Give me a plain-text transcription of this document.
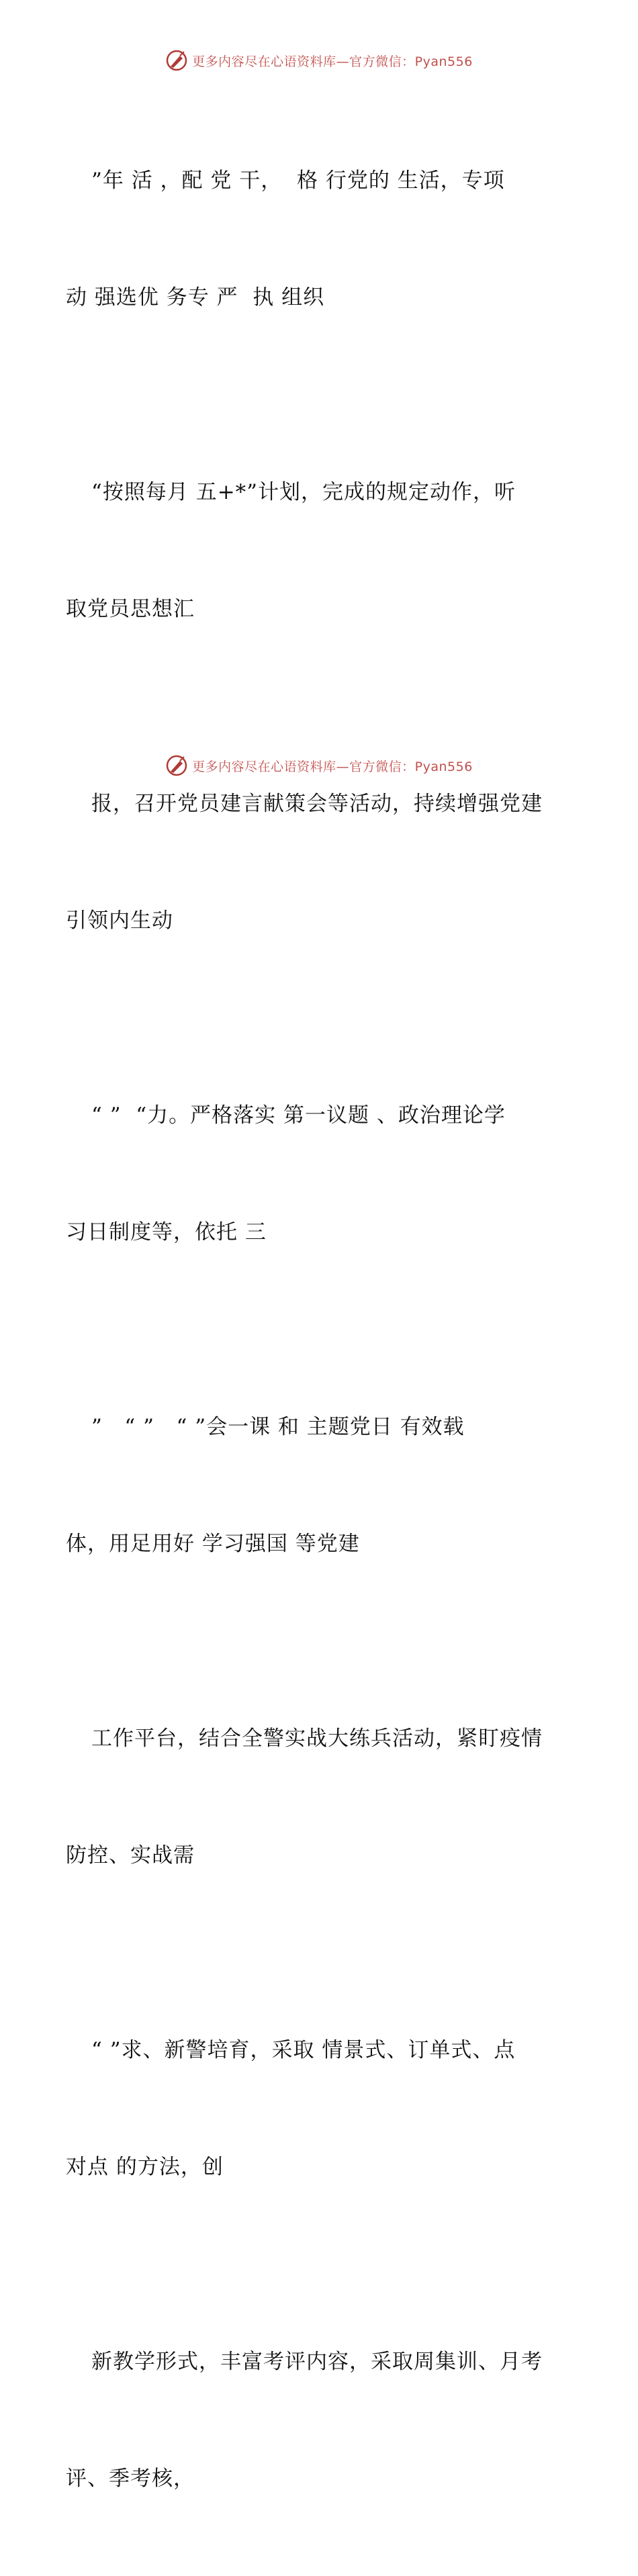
更多内容尽在心语资料库—官方微信：Pyan556

”年 活 ，配 党 干，  格 行党的 生活，专项

动 强选优 务专 严  执 组织

“按照每月 五+*”计划，完成的规定动作，听

取党员思想汇

报，召开党员建言献策会等活动，持续增强党建

引领内生动

“ ”  “力。严格落实 第一议题 、政治理论学

习日制度等，依托 三

”   “ ”   “ ”会一课 和 主题党日 有效载

体，用足用好 学习强国 等党建

工作平台，结合全警实战大练兵活动，紧盯疫情

防控、实战需

“ ”求、新警培育，采取 情景式、订单式、点

对点 的方法，创

新教学形式，丰富考评内容，采取周集训、月考

评、季考核，

更多内容尽在心语资料库—官方微信：Pyan556
